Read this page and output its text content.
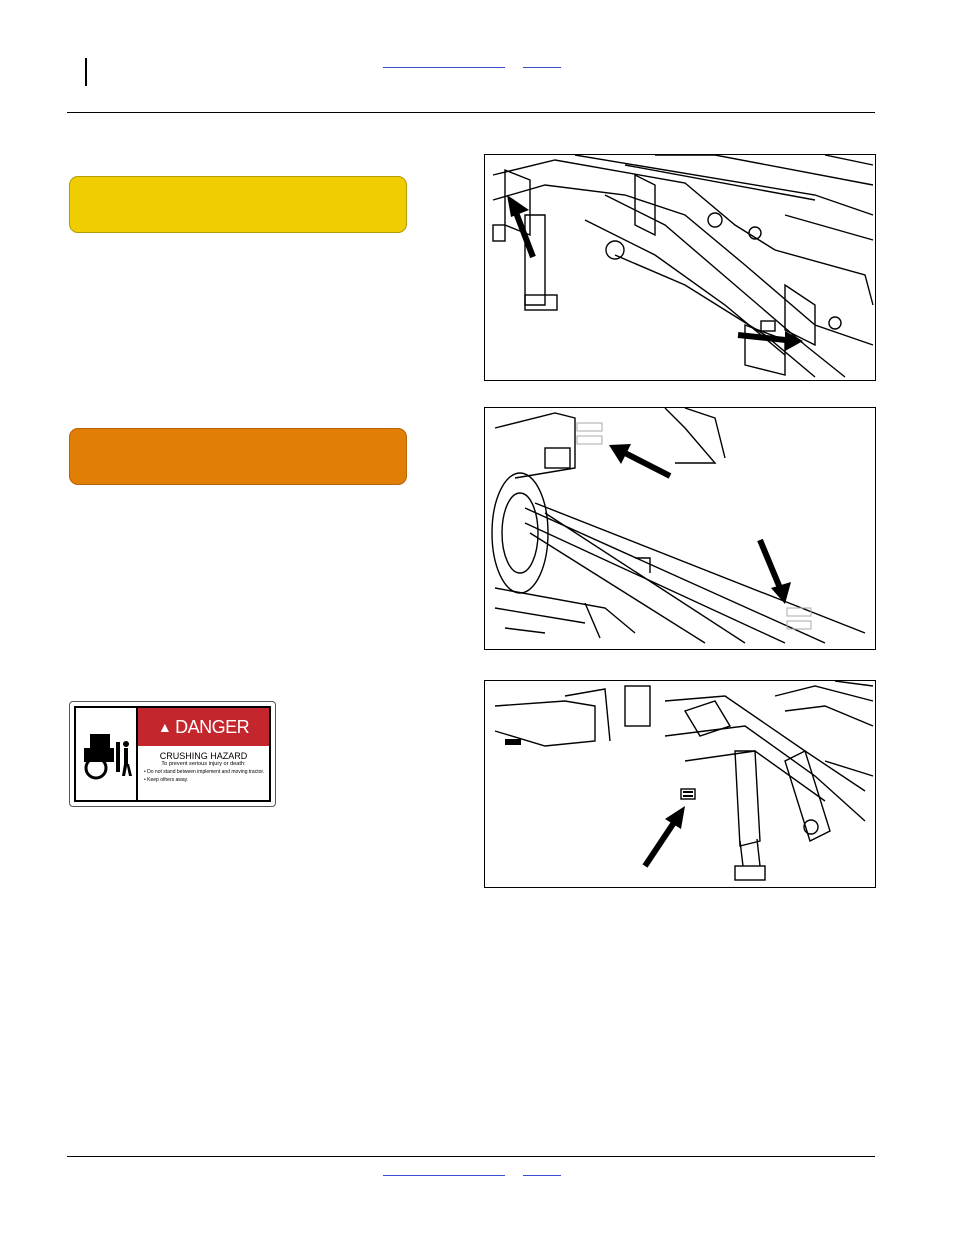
▲ DANGER
CRUSHING HAZARD
To prevent serious injury or death:
• Do not stand between implement and moving tractor.
• Keep others away.
